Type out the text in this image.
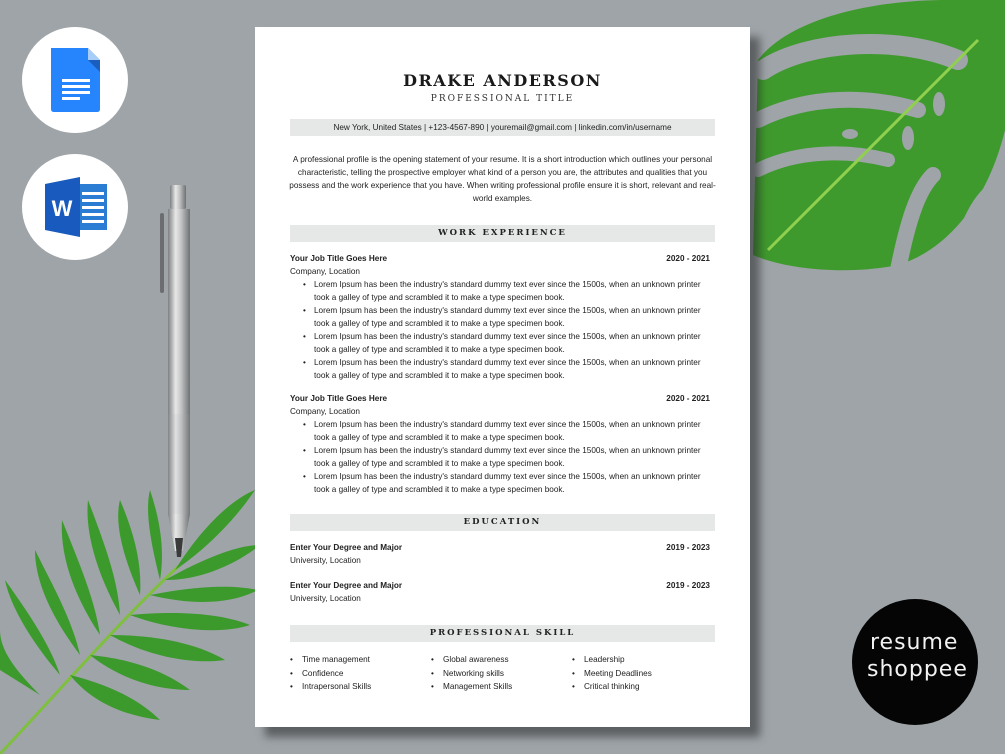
W
DRAKE ANDERSON
PROFESSIONAL TITLE
New York, United States | +123-4567-890 | youremail@gmail.com | linkedin.com/in/username
A professional profile is the opening statement of your resume. It is a short introduction which outlines your personal characteristic, telling the prospective employer what kind of a person you are, the attributes and qualities that you possess and the work experience that you have. When writing professional profile ensure it is short, relevant and real-world examples.
WORK EXPERIENCE
Your Job Title Goes Here	2020 - 2021
Company, Location
• Lorem Ipsum has been the industry's standard dummy text ever since the 1500s, when an unknown printer took a galley of type and scrambled it to make a type specimen book.
• Lorem Ipsum has been the industry's standard dummy text ever since the 1500s, when an unknown printer took a galley of type and scrambled it to make a type specimen book.
• Lorem Ipsum has been the industry's standard dummy text ever since the 1500s, when an unknown printer took a galley of type and scrambled it to make a type specimen book.
• Lorem Ipsum has been the industry's standard dummy text ever since the 1500s, when an unknown printer took a galley of type and scrambled it to make a type specimen book.
Your Job Title Goes Here	2020 - 2021
Company, Location
• Lorem Ipsum has been the industry's standard dummy text ever since the 1500s, when an unknown printer took a galley of type and scrambled it to make a type specimen book.
• Lorem Ipsum has been the industry's standard dummy text ever since the 1500s, when an unknown printer took a galley of type and scrambled it to make a type specimen book.
• Lorem Ipsum has been the industry's standard dummy text ever since the 1500s, when an unknown printer took a galley of type and scrambled it to make a type specimen book.
EDUCATION
Enter Your Degree and Major	2019 - 2023
University, Location
Enter Your Degree and Major	2019 - 2023
University, Location
PROFESSIONAL SKILL
• Time management
• Confidence
• Intrapersonal Skills
• Global awareness
• Networking skills
• Management Skills
• Leadership
• Meeting Deadlines
• Critical thinking
resume
shoppee
